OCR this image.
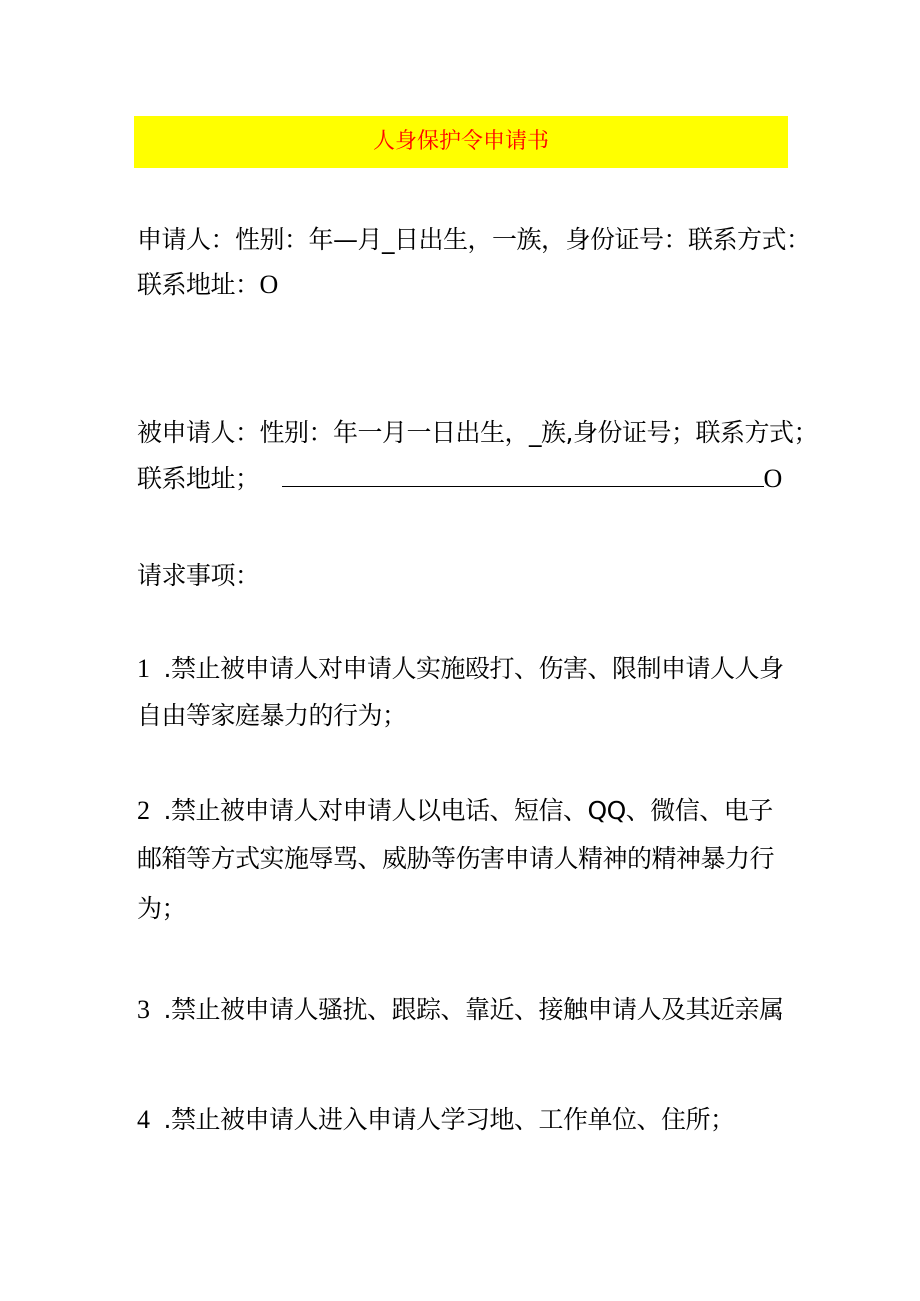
人身保护令申请书
申请人：性别：年—月_日出生，一族，身份证号：联系方式：
联系地址：O
被申请人：性别：年一月一日出生，_族,身份证号；联系方式；
联系地址；	O
请求事项：
1 .禁止被申请人对申请人实施殴打、伤害、限制申请人人身
自由等家庭暴力的行为；
2 .禁止被申请人对申请人以电话、短信、QQ、微信、电子
邮箱等方式实施辱骂、威胁等伤害申请人精神的精神暴力行
为；
3 .禁止被申请人骚扰、跟踪、靠近、接触申请人及其近亲属
4 .禁止被申请人进入申请人学习地、工作单位、住所；
